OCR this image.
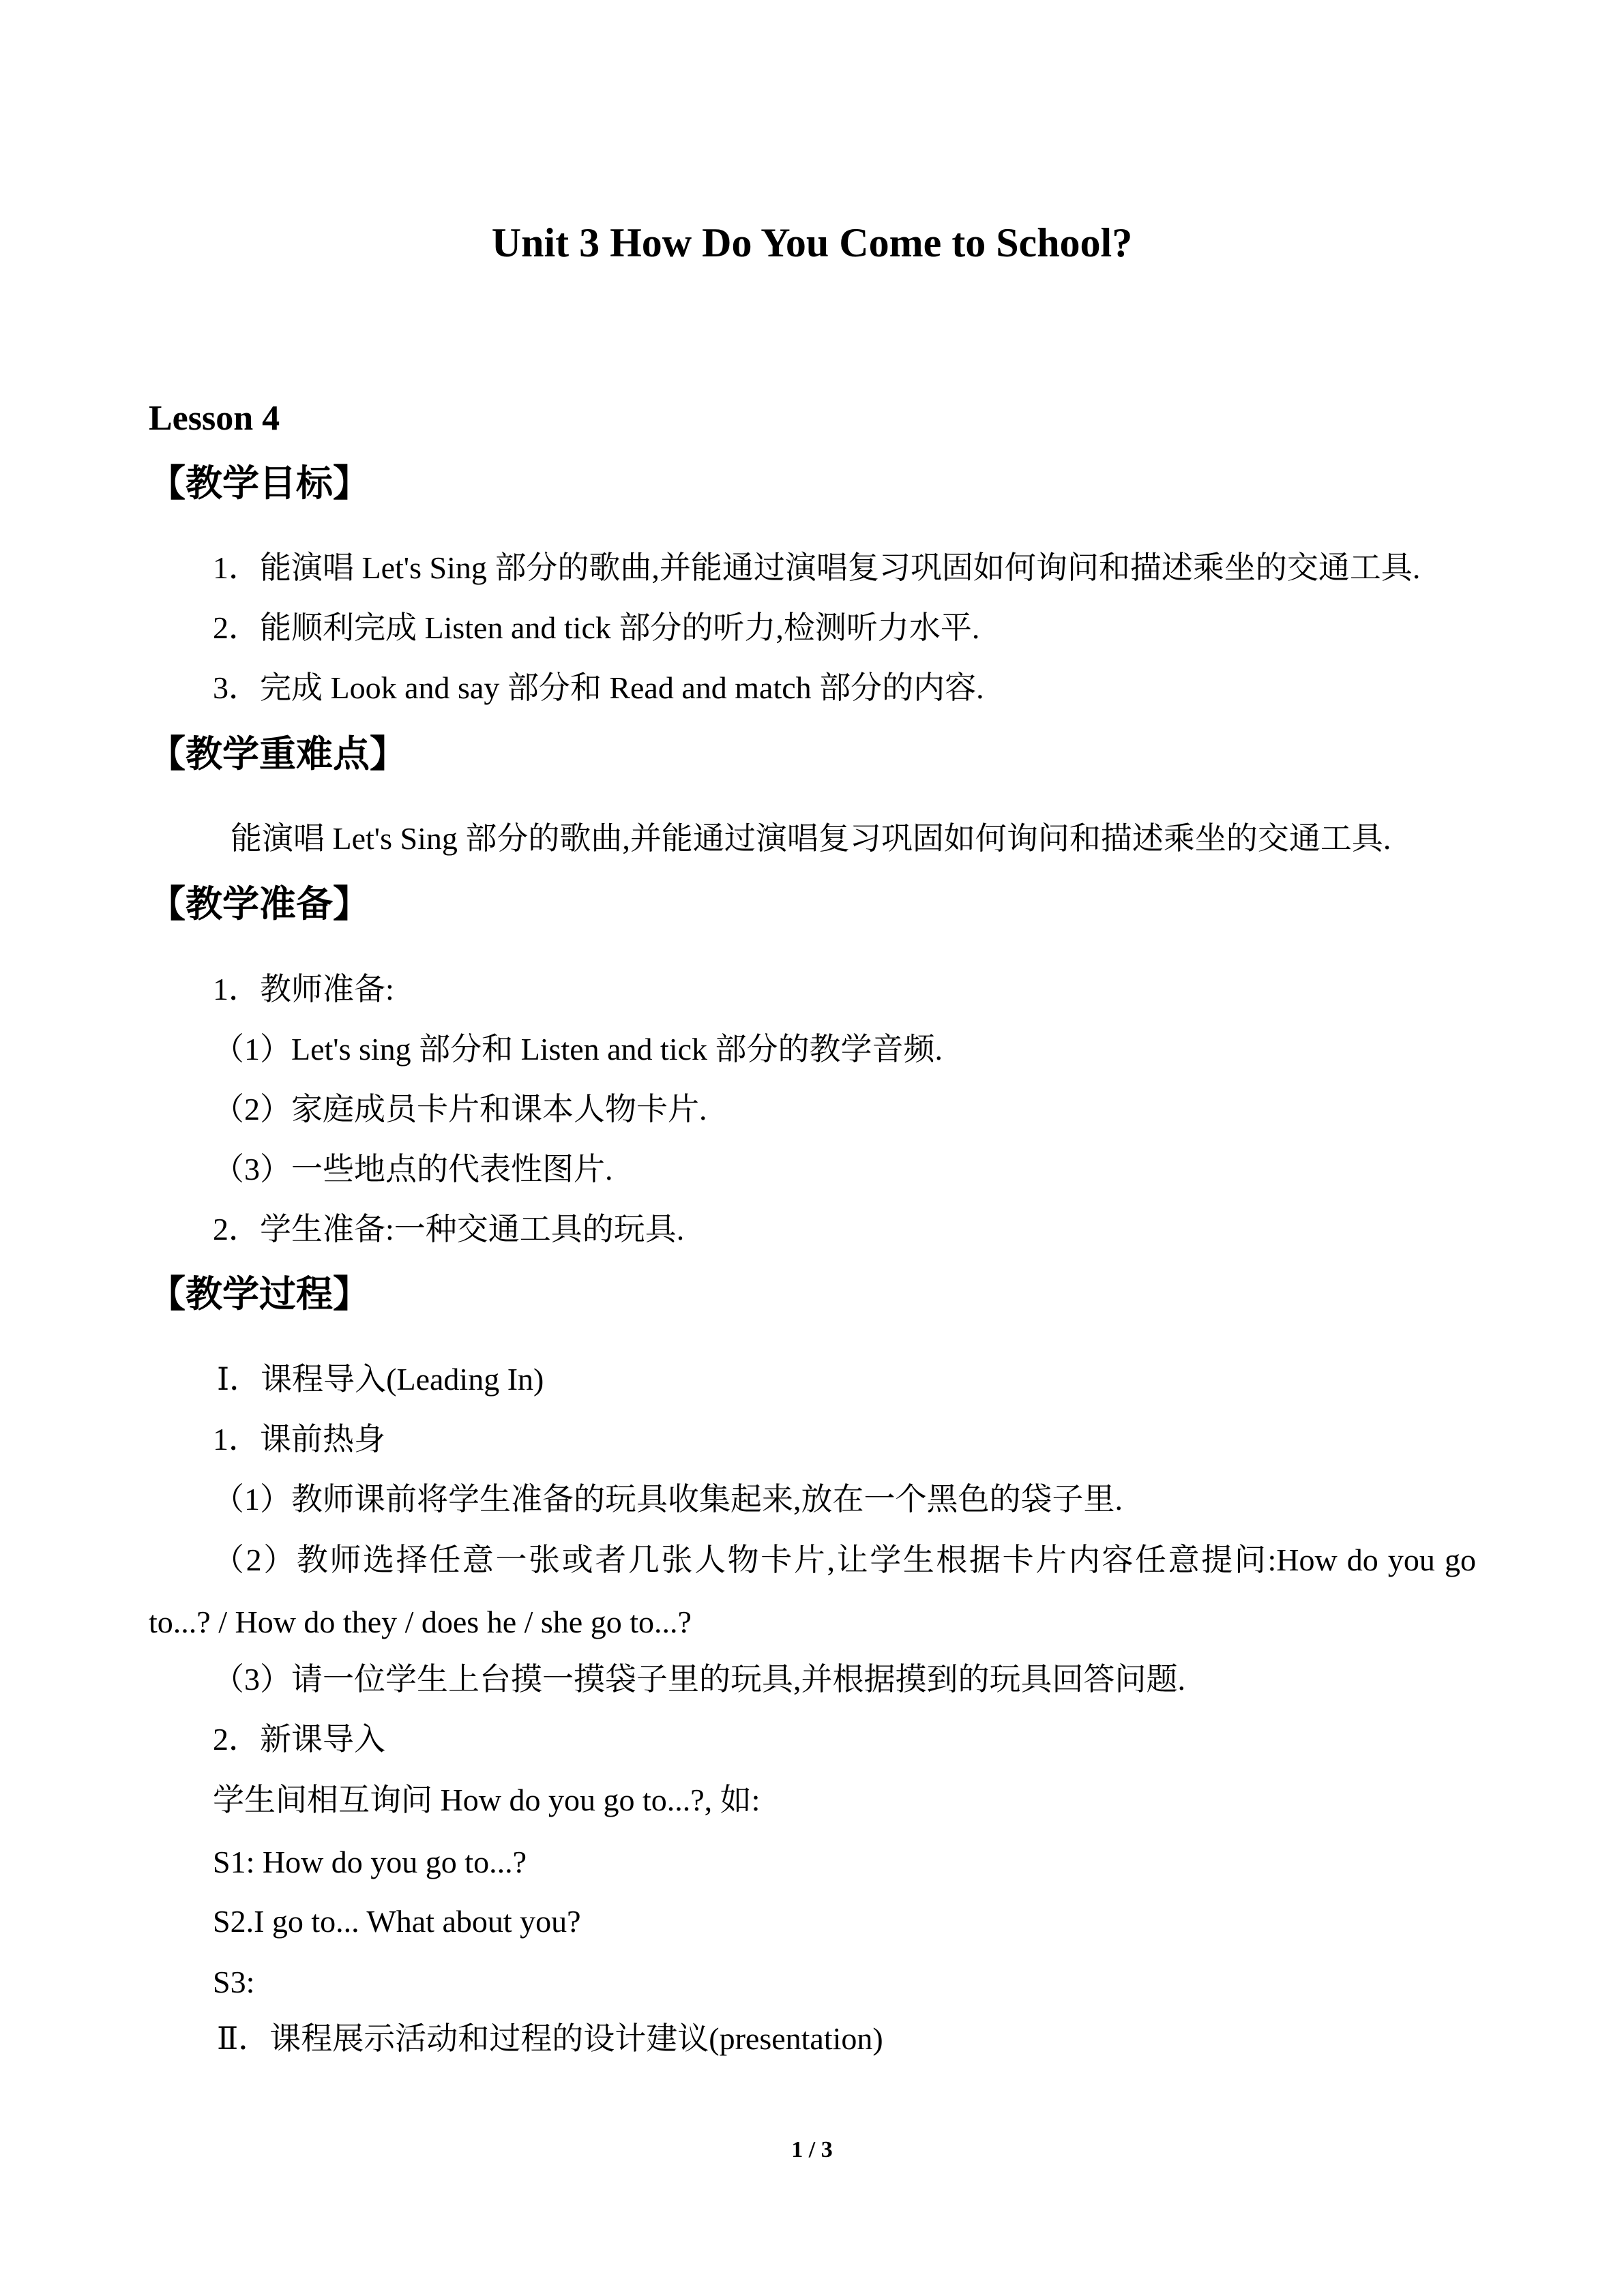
Unit 3 How Do You Come to School?
Lesson 4
【教学目标】
1．能演唱 Let's Sing 部分的歌曲,并能通过演唱复习巩固如何询问和描述乘坐的交通工具.
2．能顺利完成 Listen and tick 部分的听力,检测听力水平.
3．完成 Look and say 部分和 Read and match 部分的内容.
【教学重难点】
能演唱 Let's Sing 部分的歌曲,并能通过演唱复习巩固如何询问和描述乘坐的交通工具.
【教学准备】
1．教师准备:
（1）Let's sing 部分和 Listen and tick 部分的教学音频.
（2）家庭成员卡片和课本人物卡片.
（3）一些地点的代表性图片.
2．学生准备:一种交通工具的玩具.
【教学过程】
Ⅰ．课程导入(Leading In)
1．课前热身
（1）教师课前将学生准备的玩具收集起来,放在一个黑色的袋子里.
（2）教师选择任意一张或者几张人物卡片,让学生根据卡片内容任意提问:How do you go
to...? / How do they / does he / she go to...?
（3）请一位学生上台摸一摸袋子里的玩具,并根据摸到的玩具回答问题.
2．新课导入
学生间相互询问 How do you go to...?, 如:
S1: How do you go to...?
S2.I go to... What about you?
S3:
Ⅱ．课程展示活动和过程的设计建议(presentation)
1 / 3
